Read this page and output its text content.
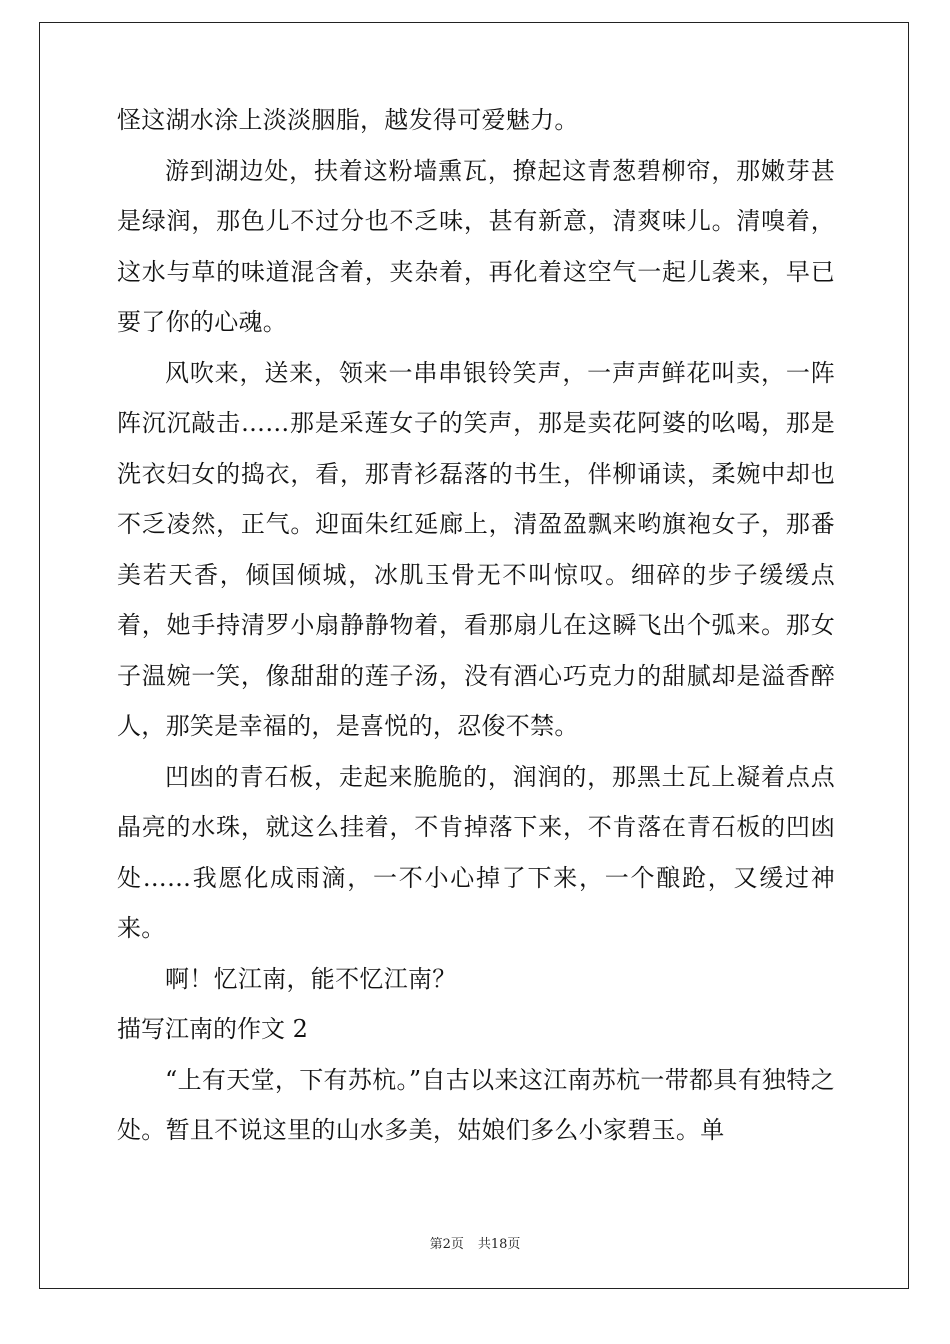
怪这湖水涂上淡淡胭脂，越发得可爱魅力。

游到湖边处，扶着这粉墙熏瓦，撩起这青葱碧柳帘，那嫩芽甚是绿润，那色儿不过分也不乏味，甚有新意，清爽味儿。清嗅着，这水与草的味道混含着，夹杂着，再化着这空气一起儿袭来，早已要了你的心魂。

风吹来，送来，领来一串串银铃笑声，一声声鲜花叫卖，一阵阵沉沉敲击……那是采莲女子的笑声，那是卖花阿婆的吆喝，那是洗衣妇女的捣衣，看，那青衫磊落的书生，伴柳诵读，柔婉中却也不乏凌然，正气。迎面朱红延廊上，清盈盈飘来哟旗袍女子，那番美若天香，倾国倾城，冰肌玉骨无不叫惊叹。细碎的步子缓缓点着，她手持清罗小扇静静物着，看那扇儿在这瞬飞出个弧来。那女子温婉一笑，像甜甜的莲子汤，没有酒心巧克力的甜腻却是溢香醉人，那笑是幸福的，是喜悦的，忍俊不禁。

凹凼的青石板，走起来脆脆的，润润的，那黑土瓦上凝着点点晶亮的水珠，就这么挂着，不肯掉落下来，不肯落在青石板的凹凼处……我愿化成雨滴，一不小心掉了下来，一个酿跄，又缓过神来。

啊！忆江南，能不忆江南？

描写江南的作文 2

“上有天堂，下有苏杭。”自古以来这江南苏杭一带都具有独特之处。暂且不说这里的山水多美，姑娘们多么小家碧玉。单

第2页 共18页
